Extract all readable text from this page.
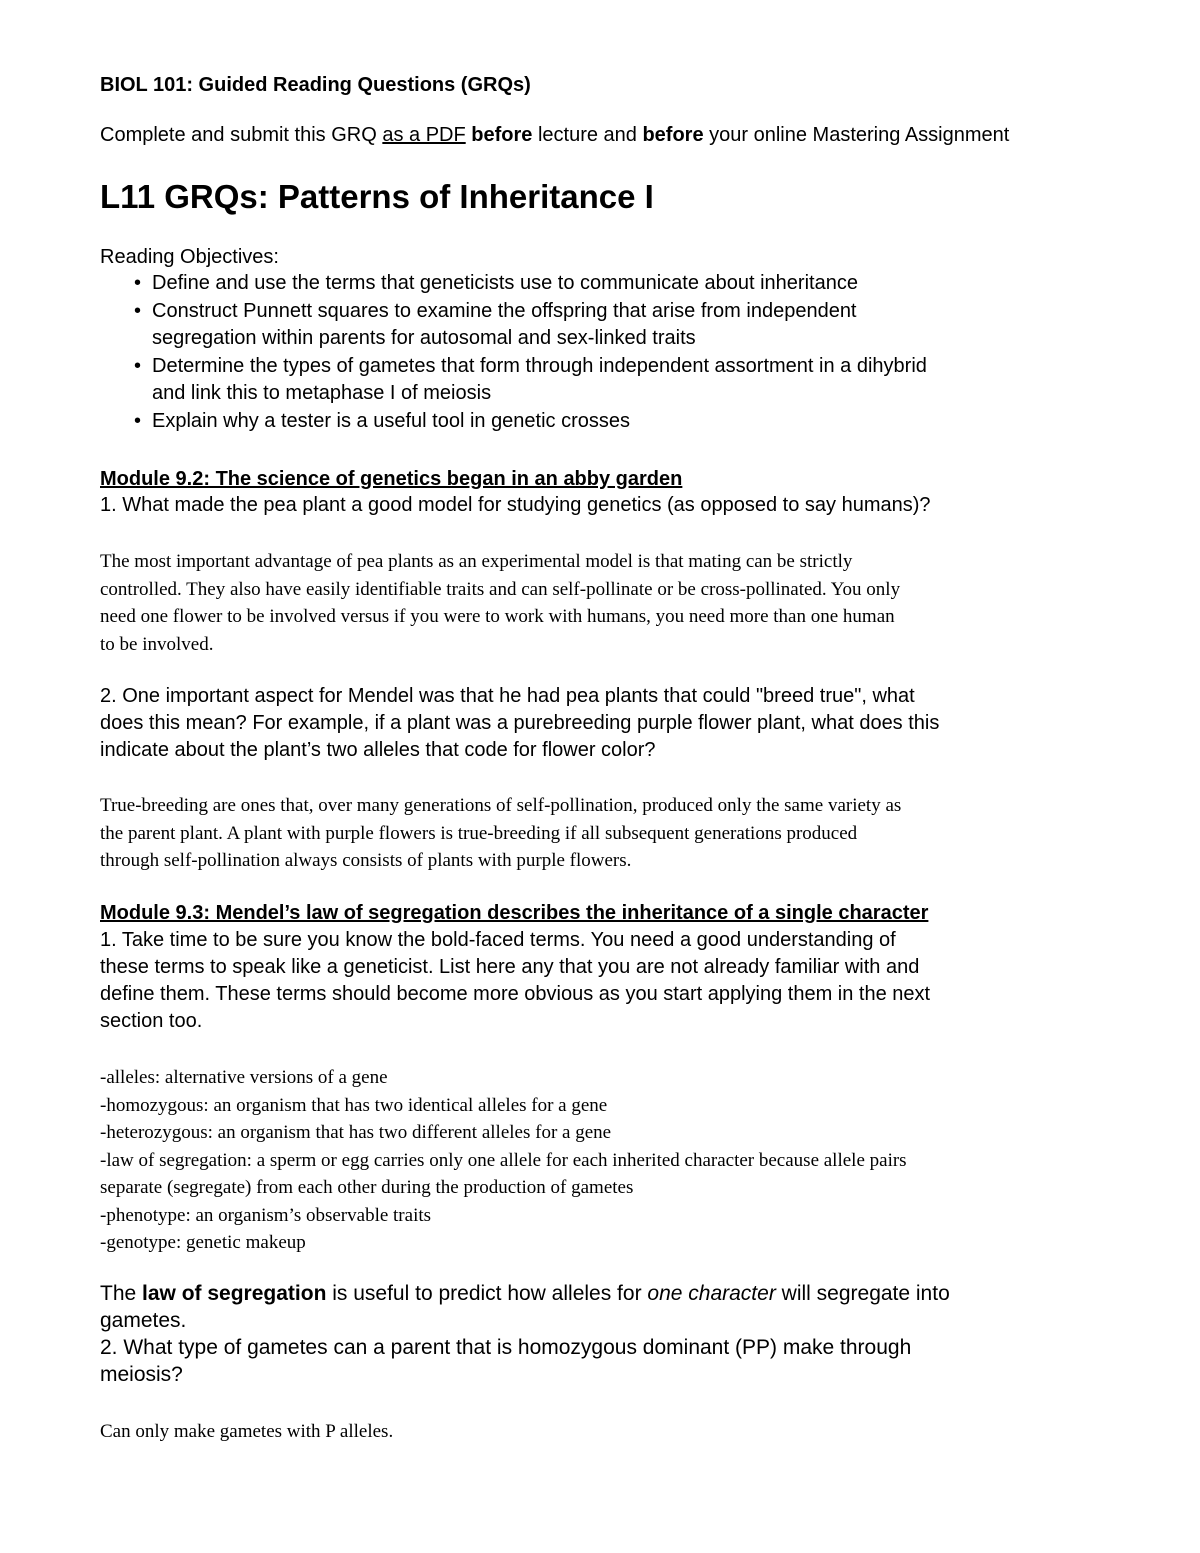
BIOL 101: Guided Reading Questions (GRQs)
Complete and submit this GRQ as a PDF before lecture and before your online Mastering Assignment
L11 GRQs: Patterns of Inheritance I
Reading Objectives:
• Define and use the terms that geneticists use to communicate about inheritance
• Construct Punnett squares to examine the offspring that arise from independent
segregation within parents for autosomal and sex-linked traits
• Determine the types of gametes that form through independent assortment in a dihybrid
and link this to metaphase I of meiosis
• Explain why a tester is a useful tool in genetic crosses
Module 9.2: The science of genetics began in an abby garden
1. What made the pea plant a good model for studying genetics (as opposed to say humans)?
The most important advantage of pea plants as an experimental model is that mating can be strictly
controlled. They also have easily identifiable traits and can self-pollinate or be cross-pollinated. You only
need one flower to be involved versus if you were to work with humans, you need more than one human
to be involved.
2. One important aspect for Mendel was that he had pea plants that could "breed true", what
does this mean? For example, if a plant was a purebreeding purple flower plant, what does this
indicate about the plant’s two alleles that code for flower color?
True-breeding are ones that, over many generations of self-pollination, produced only the same variety as
the parent plant. A plant with purple flowers is true-breeding if all subsequent generations produced
through self-pollination always consists of plants with purple flowers.
Module 9.3: Mendel’s law of segregation describes the inheritance of a single character
1. Take time to be sure you know the bold-faced terms. You need a good understanding of
these terms to speak like a geneticist. List here any that you are not already familiar with and
define them. These terms should become more obvious as you start applying them in the next
section too.
-alleles: alternative versions of a gene
-homozygous: an organism that has two identical alleles for a gene
-heterozygous: an organism that has two different alleles for a gene
-law of segregation: a sperm or egg carries only one allele for each inherited character because allele pairs
separate (segregate) from each other during the production of gametes
-phenotype: an organism’s observable traits
-genotype: genetic makeup
The law of segregation is useful to predict how alleles for one character will segregate into
gametes.
2. What type of gametes can a parent that is homozygous dominant (PP) make through
meiosis?
Can only make gametes with P alleles.
